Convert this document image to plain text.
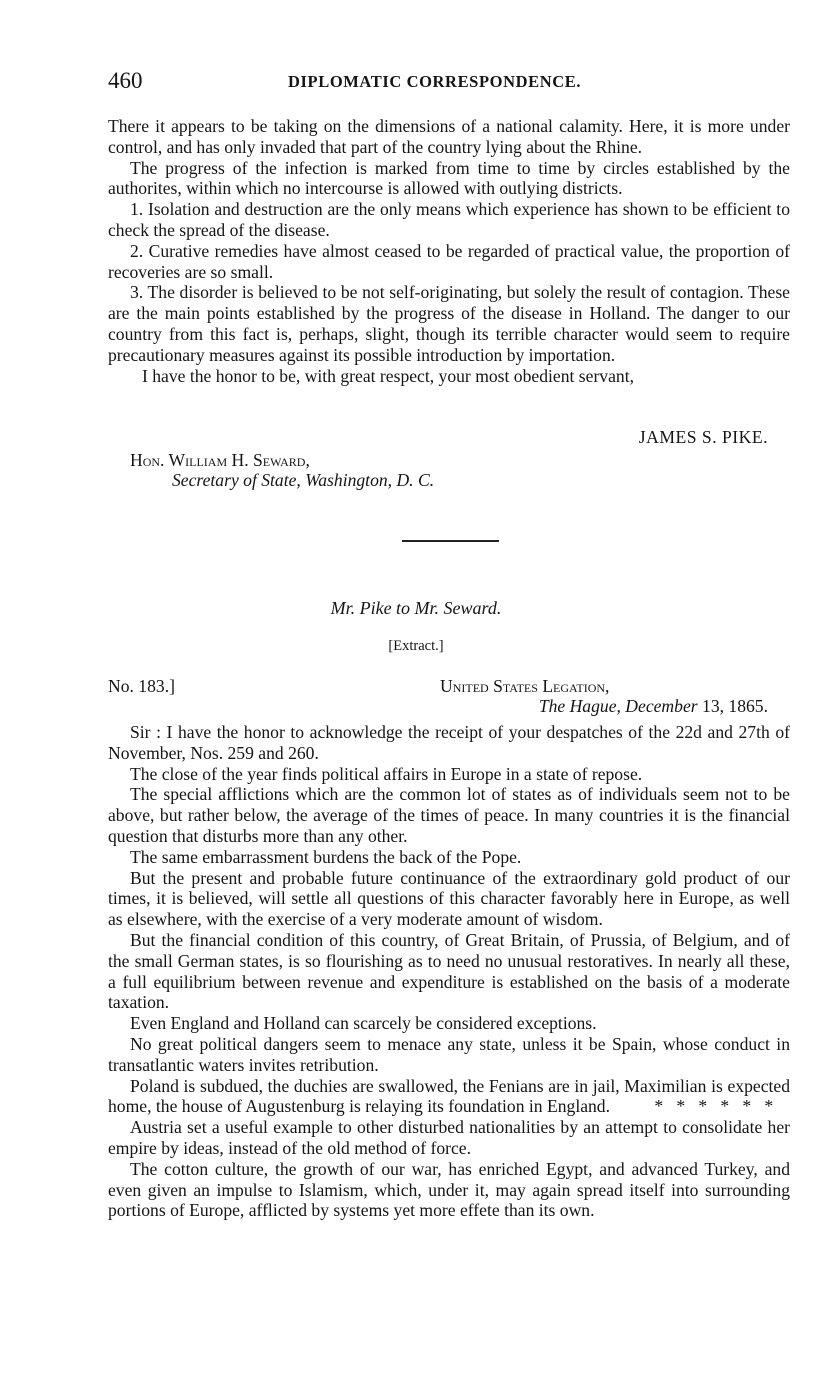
460	DIPLOMATIC CORRESPONDENCE.

There it appears to be taking on the dimensions of a national calamity. Here, it is more under control, and has only invaded that part of the country lying about the Rhine.

The progress of the infection is marked from time to time by circles established by the authorites, within which no intercourse is allowed with outlying districts.

1. Isolation and destruction are the only means which experience has shown to be efficient to check the spread of the disease.

2. Curative remedies have almost ceased to be regarded of practical value, the proportion of recoveries are so small.

3. The disorder is believed to be not self-originating, but solely the result of contagion. These are the main points established by the progress of the disease in Holland. The danger to our country from this fact is, perhaps, slight, though its terrible character would seem to require precautionary measures against its possible introduction by importation.

I have the honor to be, with great respect, your most obedient servant,

JAMES S. PIKE.
Hon. William H. Seward,
Secretary of State, Washington, D. C.
Mr. Pike to Mr. Seward.
[Extract.]
No. 183.]	United States Legation,
The Hague, December 13, 1865.

Sir : I have the honor to acknowledge the receipt of your despatches of the 22d and 27th of November, Nos. 259 and 260.

The close of the year finds political affairs in Europe in a state of repose.

The special afflictions which are the common lot of states as of individuals seem not to be above, but rather below, the average of the times of peace. In many countries it is the financial question that disturbs more than any other.

The same embarrassment burdens the back of the Pope.

But the present and probable future continuance of the extraordinary gold product of our times, it is believed, will settle all questions of this character favorably here in Europe, as well as elsewhere, with the exercise of a very moderate amount of wisdom.

But the financial condition of this country, of Great Britain, of Prussia, of Belgium, and of the small German states, is so flourishing as to need no unusual restoratives. In nearly all these, a full equilibrium between revenue and expenditure is established on the basis of a moderate taxation.

Even England and Holland can scarcely be considered exceptions.

No great political dangers seem to menace any state, unless it be Spain, whose conduct in transatlantic waters invites retribution.

Poland is subdued, the duchies are swallowed, the Fenians are in jail, Maximilian is expected home, the house of Augustenburg is relaying its foundation in England.	*   *   *   *   *   *

Austria set a useful example to other disturbed nationalities by an attempt to consolidate her empire by ideas, instead of the old method of force.

The cotton culture, the growth of our war, has enriched Egypt, and advanced Turkey, and even given an impulse to Islamism, which, under it, may again spread itself into surrounding portions of Europe, afflicted by systems yet more effete than its own.
